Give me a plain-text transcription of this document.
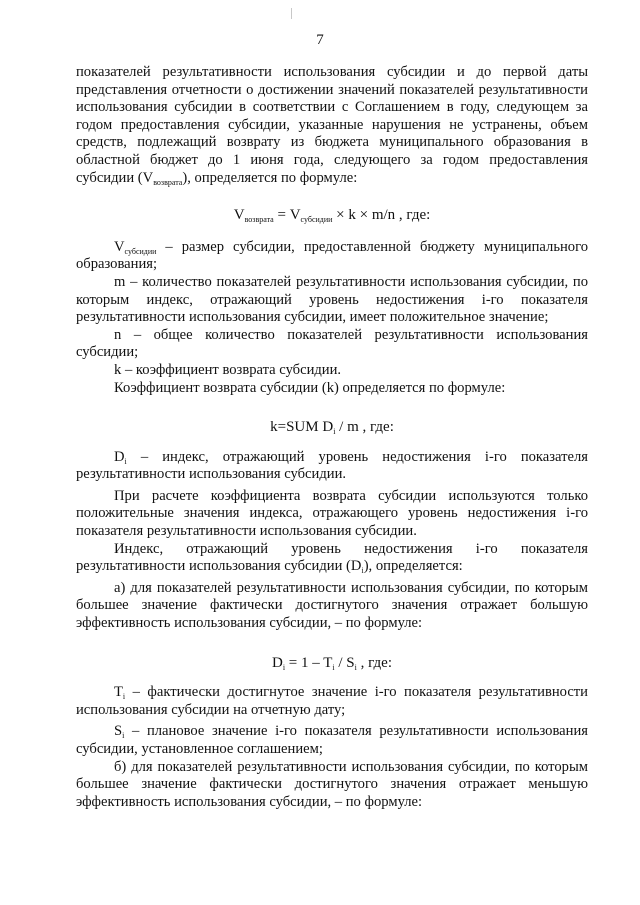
7

показателей результативности использования субсидии и до первой даты представления отчетности о достижении значений показателей результативности использования субсидии в соответствии с Соглашением в году, следующем за годом предоставления субсидии, указанные нарушения не устранены, объем средств, подлежащий возврату из бюджета муниципального образования в областной бюджет до 1 июня года, следующего за годом предоставления субсидии $(V_{возврата})$, определяется по формуле:

$V_{возврата} = V_{субсидии} \times k \times m/n$ , где:

$V_{субсидии}$ – размер субсидии, предоставленной бюджету муниципального образования;

m – количество показателей результативности использования субсидии, по которым индекс, отражающий уровень недостижения i-го показателя результативности использования субсидии, имеет положительное значение;

n – общее количество показателей результативности использования субсидии;

k – коэффициент возврата субсидии.

Коэффициент возврата субсидии (k) определяется по формуле:

k=SUM $D_i$ / m , где:

$D_i$ – индекс, отражающий уровень недостижения i-го показателя результативности использования субсидии.

При расчете коэффициента возврата субсидии используются только положительные значения индекса, отражающего уровень недостижения i-го показателя результативности использования субсидии.

Индекс, отражающий уровень недостижения i-го показателя результативности использования субсидии $(D_i)$, определяется:

а) для показателей результативности использования субсидии, по которым большее значение фактически достигнутого значения отражает большую эффективность использования субсидии, – по формуле:

$D_i = 1 - T_i / S_i$ , где:

$T_i$ – фактически достигнутое значение i-го показателя результативности использования субсидии на отчетную дату;

$S_i$ – плановое значение i-го показателя результативности использования субсидии, установленное соглашением;

б) для показателей результативности использования субсидии, по которым большее значение фактически достигнутого значения отражает меньшую эффективность использования субсидии, – по формуле:
